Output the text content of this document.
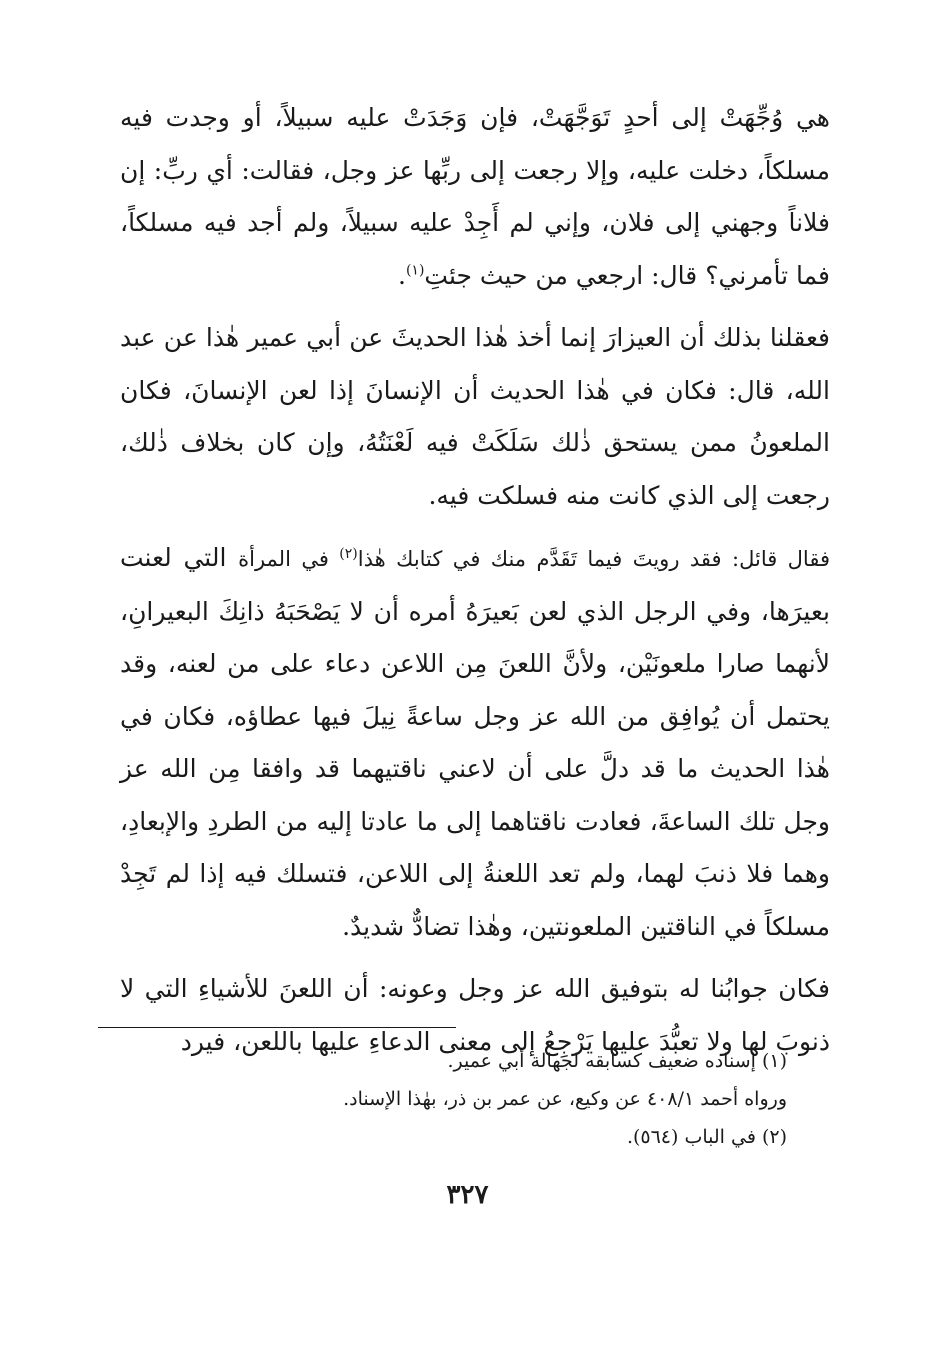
هي وُجِّهَتْ إلى أحدٍ تَوَجَّهَتْ، فإن وَجَدَتْ عليه سبيلاً، أو وجدت فيه مسلكاً، دخلت عليه، وإلا رجعت إلى ربِّها عز وجل، فقالت: أي ربِّ: إن فلاناً وجهني إلى فلان، وإني لم أَجِدْ عليه سبيلاً، ولم أجد فيه مسلكاً، فما تأمرني؟ قال: ارجعي من حيث جئتِ$^{(١)}$.

فعقلنا بذلك أن العيزارَ إنما أخذ هٰذا الحديثَ عن أبي عمير هٰذا عن عبد الله، قال: فكان في هٰذا الحديث أن الإنسانَ إذا لعن الإنسانَ، فكان الملعونُ ممن يستحق ذٰلك سَلَكَتْ فيه لَعْنَتُهُ، وإن كان بخلاف ذٰلك، رجعت إلى الذي كانت منه فسلكت فيه.

فقال قائل: فقد رويتَ فيما تَقَدَّم منك في كتابك هٰذا$^{(٢)}$ في المرأة التي لعنت بعيرَها، وفي الرجل الذي لعن بَعيرَهُ أمره أن لا يَصْحَبَهُ ذانِكَ البعيرانِ، لأنهما صارا ملعونَيْن، ولأنَّ اللعنَ مِن اللاعن دعاء على من لعنه، وقد يحتمل أن يُوافِق من الله عز وجل ساعةً نِيلَ فيها عطاؤه، فكان في هٰذا الحديث ما قد دلَّ على أن لاعني ناقتيهما قد وافقا مِن الله عز وجل تلك الساعةَ، فعادت ناقتاهما إلى ما عادتا إليه من الطردِ والإبعادِ، وهما فلا ذنبَ لهما، ولم تعد اللعنةُ إلى اللاعن، فتسلك فيه إذا لم تَجِدْ مسلكاً في الناقتين الملعونتين، وهٰذا تضادٌّ شديدٌ.

فكان جوابُنا له بتوفيق الله عز وجل وعونه: أن اللعنَ للأشياءِ التي لا ذنوبَ لها ولا تعبُّدَ عليها يَرْجِعُ إلى معنى الدعاءِ عليها باللعن، فيرد

(١) إسناده ضعيف كسابقه لجهالة أبي عمير.

ورواه أحمد ٤٠٨/١ عن وكيع، عن عمر بن ذر، بهٰذا الإسناد.

(٢) في الباب (٥٦٤).

٣٢٧
